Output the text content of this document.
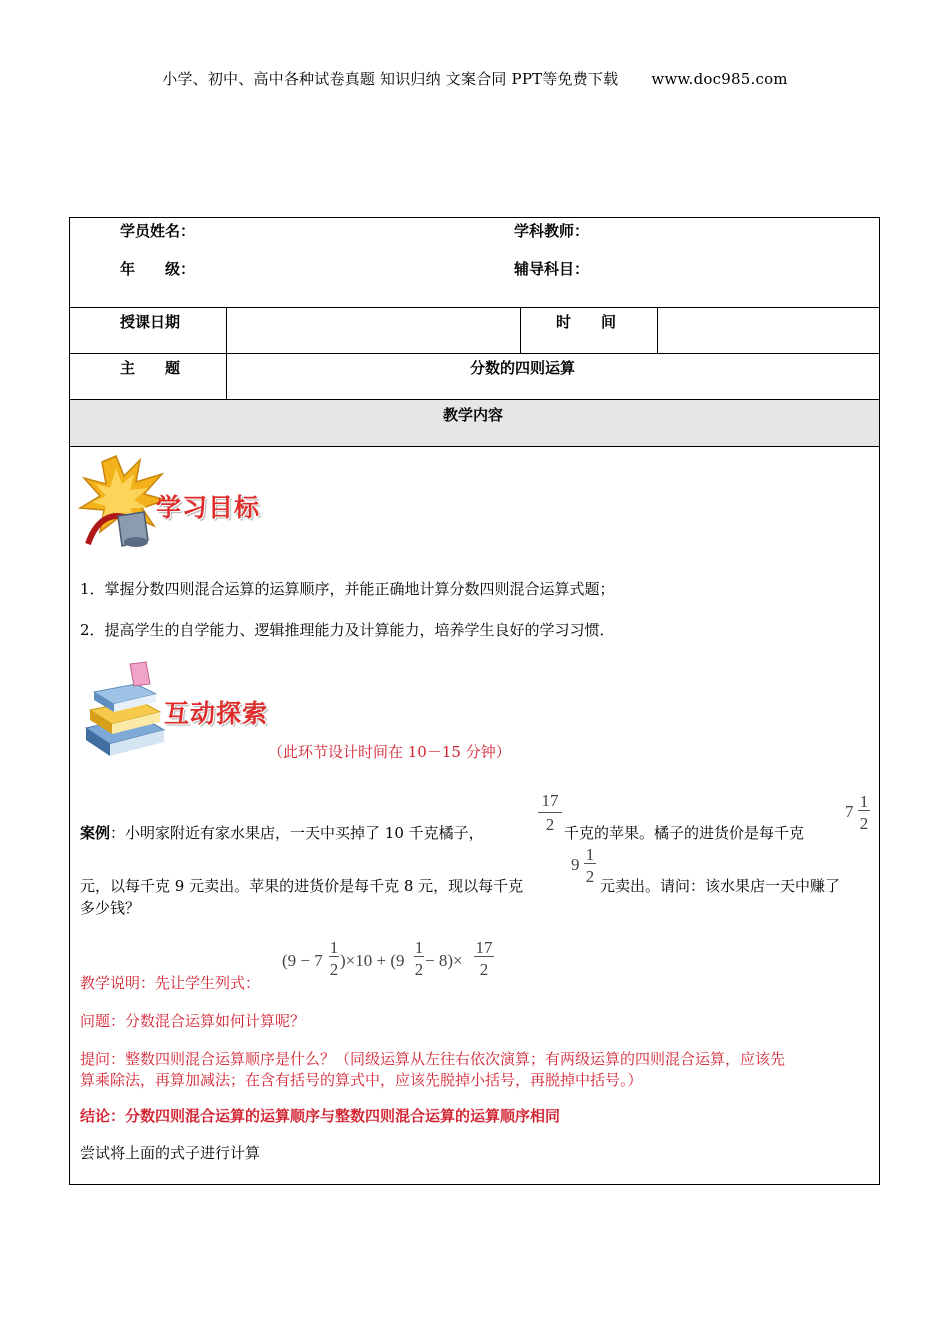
小学、初中、高中各种试卷真题 知识归纳 文案合同 PPT等免费下载 www.doc985.com
学员姓名：	学科教师：
年　　级：	辅导科目：
授课日期	时　　间
主　　题	分数的四则运算
教学内容
学习目标
1．掌握分数四则混合运算的运算顺序，并能正确地计算分数四则混合运算式题；
2．提高学生的自学能力、逻辑推理能力及计算能力，培养学生良好的学习习惯．
互动探索
（此环节设计时间在 10－15 分钟）
17
2
7
1
2
案例：小明家附近有家水果店，一天中买掉了 10 千克橘子，	千克的苹果。橘子的进货价是每千克
9
1
2
元，以每千克 9 元卖出。苹果的进货价是每千克 8 元，现以每千克	元卖出。请问：该水果店一天中赚了
多少钱？
(9 − 7
1
2 )×10 + (9
1
2 − 8)×
17
2
教学说明：先让学生列式：
问题：分数混合运算如何计算呢？
提问：整数四则混合运算顺序是什么？（同级运算从左往右依次演算；有两级运算的四则混合运算，应该先
算乘除法，再算加减法；在含有括号的算式中，应该先脱掉小括号，再脱掉中括号。）
结论：分数四则混合运算的运算顺序与整数四则混合运算的运算顺序相同
尝试将上面的式子进行计算
